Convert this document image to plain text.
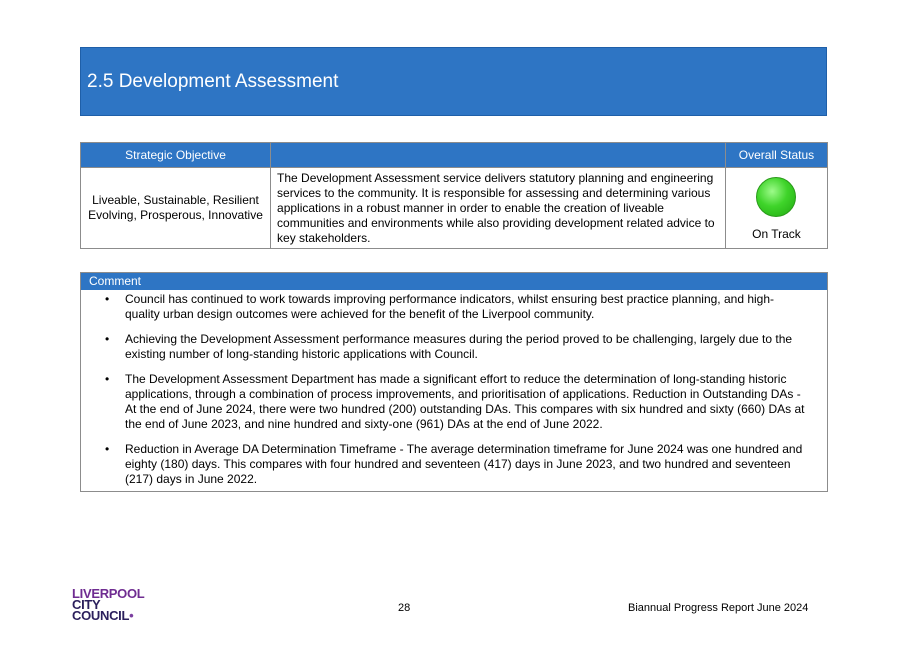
2.5 Development Assessment
Strategic Objective		Overall Status

Liveable, Sustainable, Resilient
Evolving, Prosperous, Innovative	The Development Assessment service delivers statutory planning and engineering services to the community. It is responsible for assessing and determining various applications in a robust manner in order to enable the creation of liveable communities and environments while also providing development related advice to key stakeholders.	On Track
Comment
• Council has continued to work towards improving performance indicators, whilst ensuring best practice planning, and high-quality urban design outcomes were achieved for the benefit of the Liverpool community.
• Achieving the Development Assessment performance measures during the period proved to be challenging, largely due to the existing number of long-standing historic applications with Council.
• The Development Assessment Department has made a significant effort to reduce the determination of long-standing historic applications, through a combination of process improvements, and prioritisation of applications. Reduction in Outstanding DAs - At the end of June 2024, there were two hundred (200) outstanding DAs. This compares with six hundred and sixty (660) DAs at the end of June 2023, and nine hundred and sixty-one (961) DAs at the end of June 2022.
• Reduction in Average DA Determination Timeframe - The average determination timeframe for June 2024 was one hundred and eighty (180) days. This compares with four hundred and seventeen (417) days in June 2023, and two hundred and seventeen (217) days in June 2022.
LIVERPOOL
CITY
COUNCIL•	28	Biannual Progress Report June 2024
